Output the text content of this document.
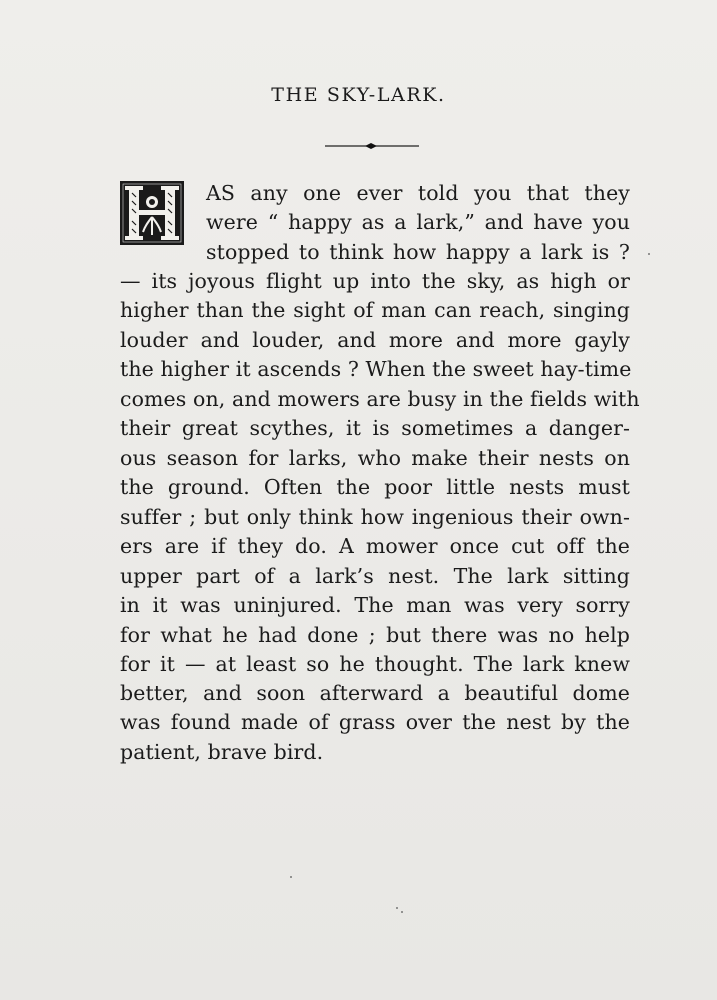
THE SKY-LARK.
AS any one ever told you that they
were “ happy as a lark,” and have you
stopped to think how happy a lark is ?
— its joyous flight up into the sky, as high or
higher than the sight of man can reach, singing
louder and louder, and more and more gayly
the higher it ascends ? When the sweet hay-time
comes on, and mowers are busy in the fields with
their great scythes, it is sometimes a danger-
ous season for larks, who make their nests on
the ground. Often the poor little nests must
suffer ; but only think how ingenious their own-
ers are if they do. A mower once cut off the
upper part of a lark’s nest. The lark sitting
in it was uninjured. The man was very sorry
for what he had done ; but there was no help
for it — at least so he thought. The lark knew
better, and soon afterward a beautiful dome
was found made of grass over the nest by the
patient, brave bird.
